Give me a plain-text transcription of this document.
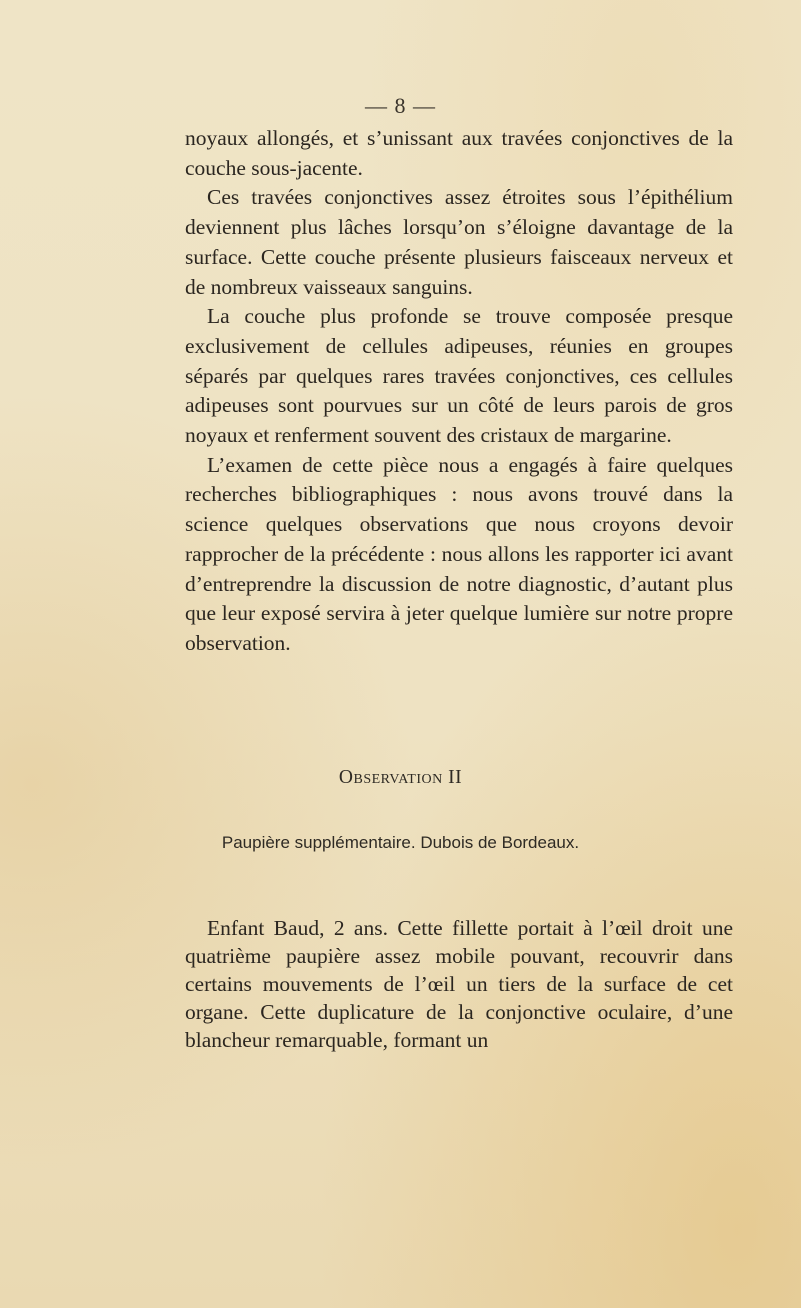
— 8 —

noyaux allongés, et s’unissant aux travées conjonctives de la couche sous-jacente.

Ces travées conjonctives assez étroites sous l’épithélium deviennent plus lâches lorsqu’on s’éloigne davantage de la surface. Cette couche présente plusieurs faisceaux nerveux et de nombreux vaisseaux sanguins.

La couche plus profonde se trouve composée presque exclusivement de cellules adipeuses, réunies en groupes séparés par quelques rares travées conjonctives, ces cellules adipeuses sont pourvues sur un côté de leurs parois de gros noyaux et renferment souvent des cristaux de margarine.

L’examen de cette pièce nous a engagés à faire quelques recherches bibliographiques : nous avons trouvé dans la science quelques observations que nous croyons devoir rapprocher de la précédente : nous allons les rapporter ici avant d’entreprendre la discussion de notre diagnostic, d’autant plus que leur exposé servira à jeter quelque lumière sur notre propre observation.

Observation II
Paupière supplémentaire. Dubois de Bordeaux.

Enfant Baud, 2 ans. Cette fillette portait à l’œil droit une quatrième paupière assez mobile pouvant, recouvrir dans certains mouvements de l’œil un tiers de la surface de cet organe. Cette duplicature de la conjonctive oculaire, d’une blancheur remarquable, formant un
